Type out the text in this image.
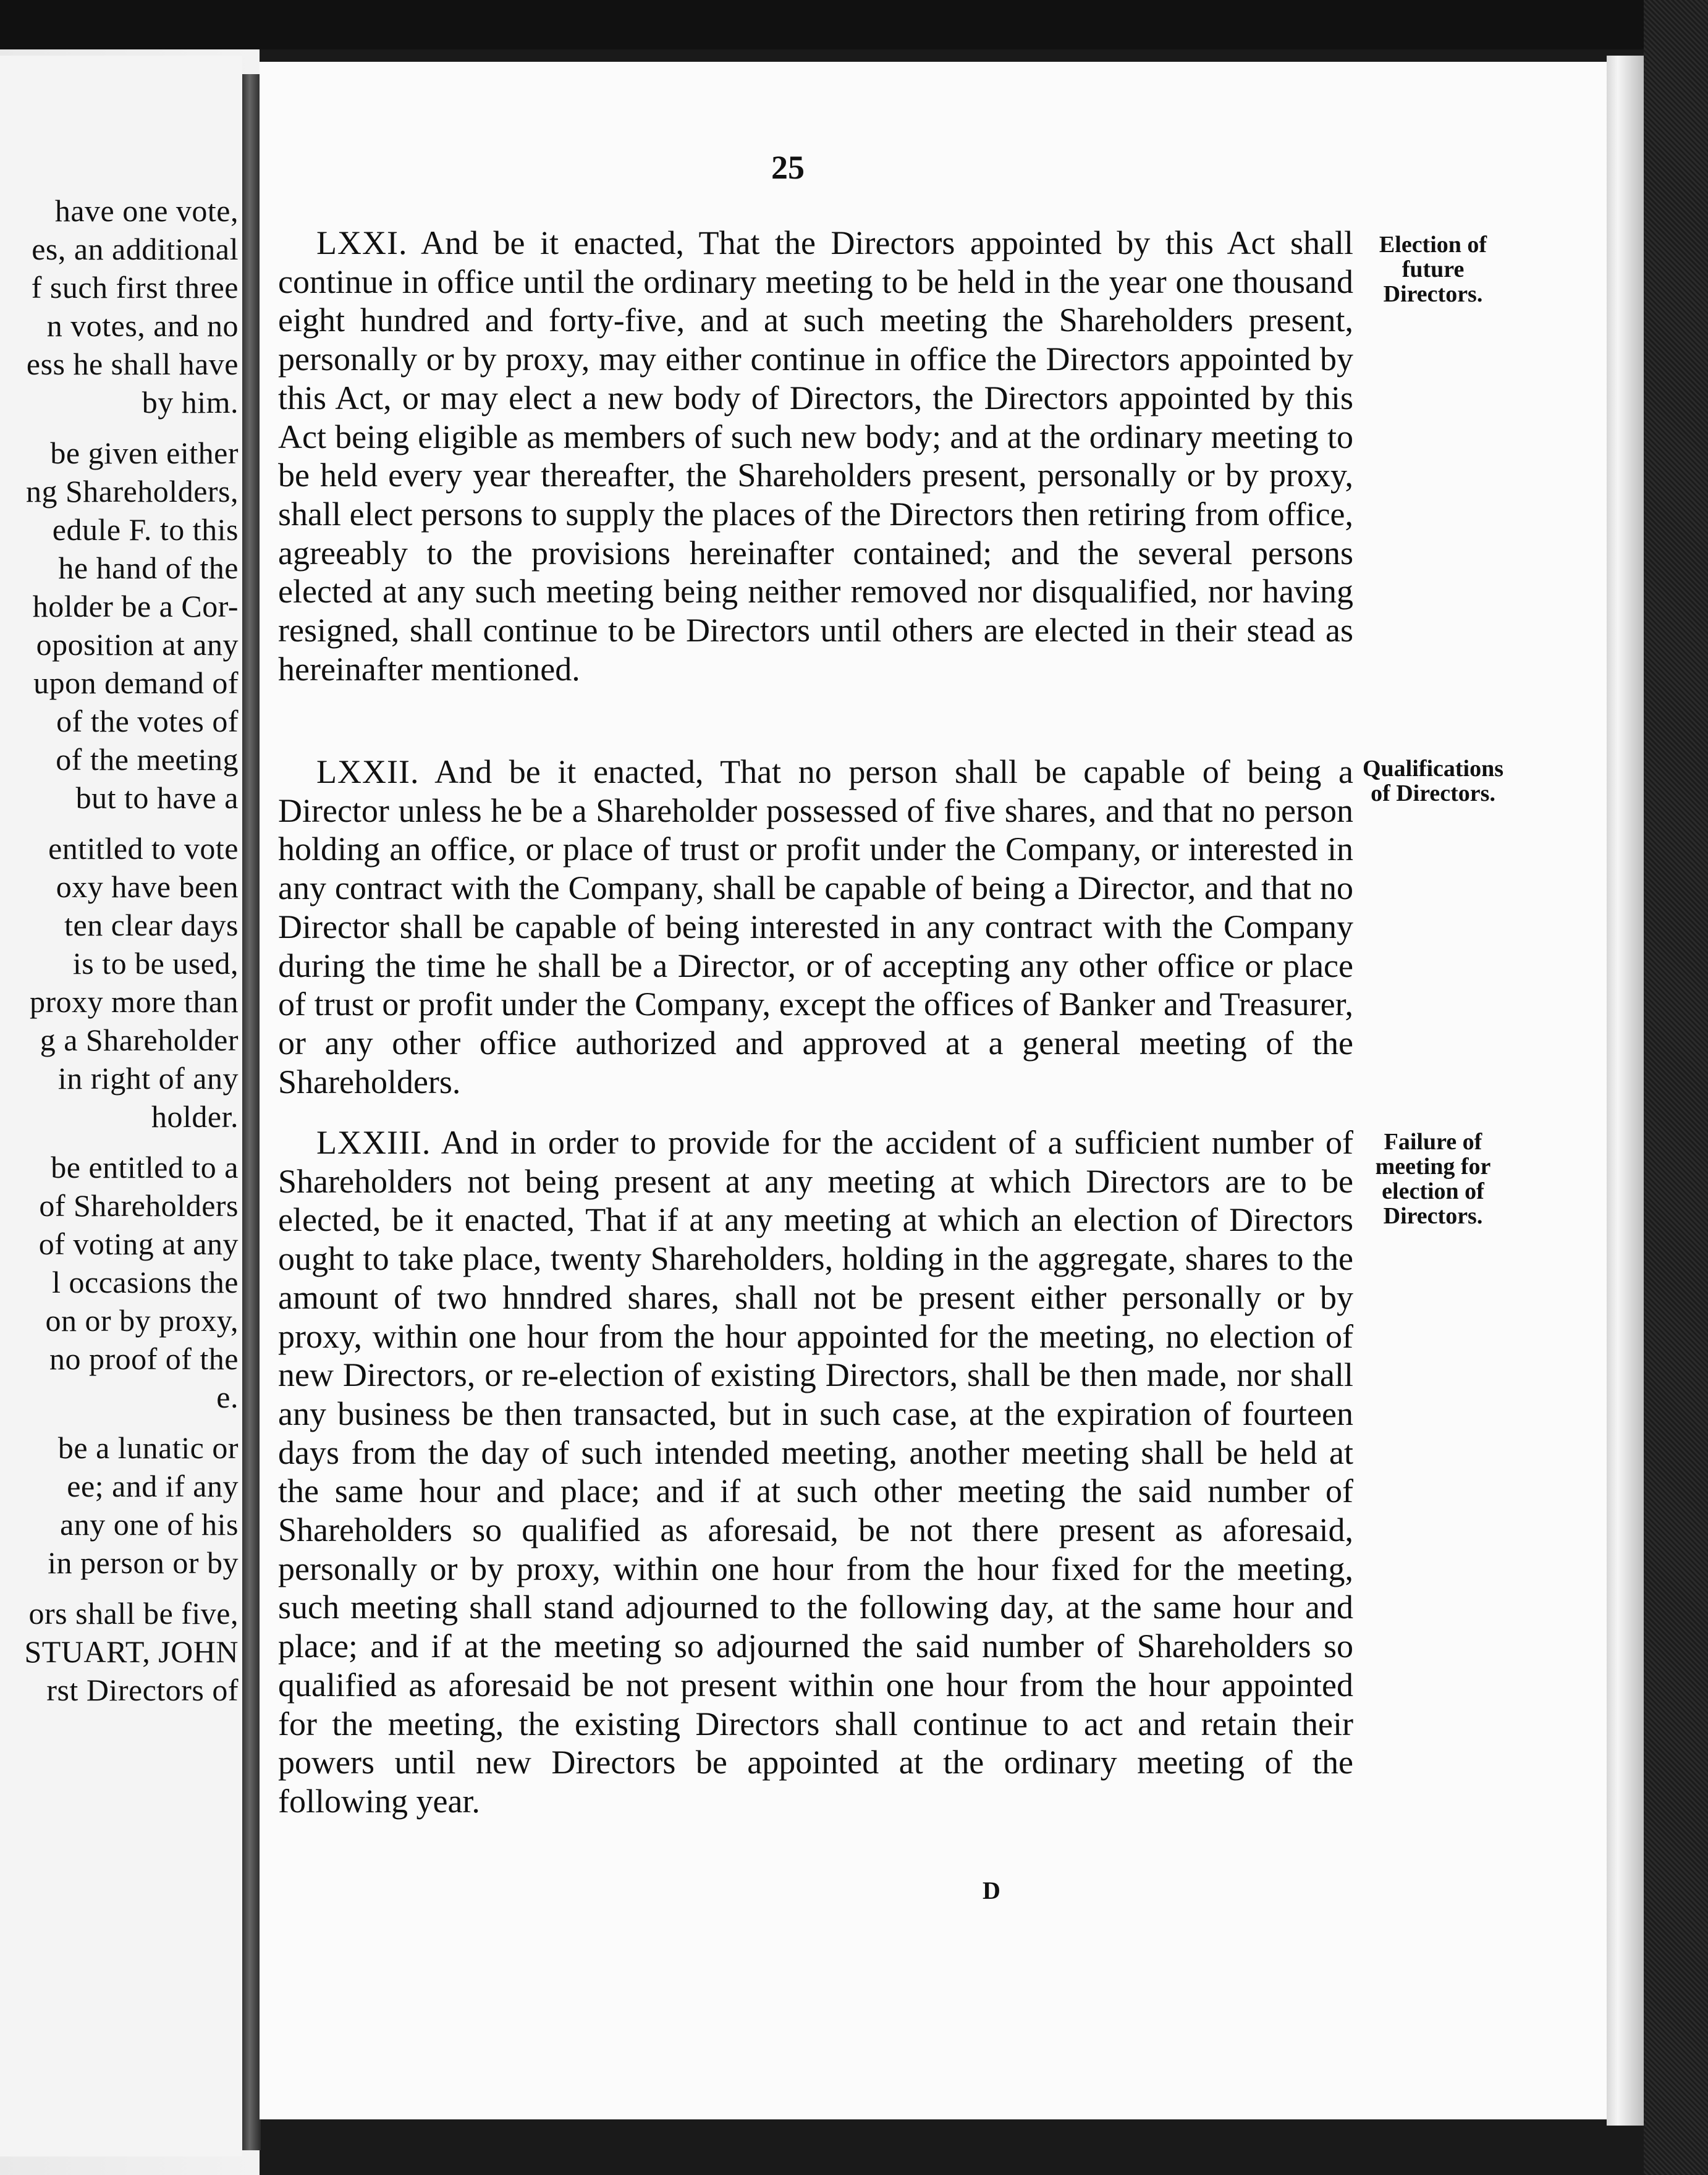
have one vote,
es, an additional
f such first three
n votes, and no
ess he shall have
by him.
be given either
ng Shareholders,
edule F. to this
he hand of the
holder be a Cor-
oposition at any
upon demand of
of the votes of
of the meeting
but to have a
entitled to vote
oxy have been
ten clear days
is to be used,
proxy more than
g a Shareholder
in right of any
holder.
be entitled to a
of Shareholders
of voting at any
l occasions the
on or by proxy,
no proof of the
e.
be a lunatic or
ee; and if any
any one of his
in person or by
ors shall be five,
STUART, JOHN
rst Directors of
25

LXXI. And be it enacted, That the Directors appointed by this Act shall continue in office until the ordinary meeting to be held in the year one thousand eight hundred and forty-five, and at such meeting the Shareholders present, personally or by proxy, may either continue in office the Directors appointed by this Act, or may elect a new body of Directors, the Directors appointed by this Act being eligible as members of such new body; and at the ordinary meeting to be held every year thereafter, the Shareholders present, personally or by proxy, shall elect persons to supply the places of the Directors then retiring from office, agreeably to the provisions hereinafter contained; and the several persons elected at any such meeting being neither removed nor disqualified, nor having resigned, shall continue to be Directors until others are elected in their stead as hereinafter mentioned.

Election of future Directors.

LXXII. And be it enacted, That no person shall be capable of being a Director unless he be a Shareholder possessed of five shares, and that no person holding an office, or place of trust or profit under the Company, or interested in any contract with the Company, shall be capable of being a Director, and that no Director shall be capable of being interested in any contract with the Company during the time he shall be a Director, or of accepting any other office or place of trust or profit under the Company, except the offices of Banker and Treasurer, or any other office authorized and approved at a general meeting of the Shareholders.

Qualifications of Directors.

LXXIII. And in order to provide for the accident of a sufficient number of Shareholders not being present at any meeting at which Directors are to be elected, be it enacted, That if at any meeting at which an election of Directors ought to take place, twenty Shareholders, holding in the aggregate, shares to the amount of two hnndred shares, shall not be present either personally or by proxy, within one hour from the hour appointed for the meeting, no election of new Directors, or re-election of existing Directors, shall be then made, nor shall any business be then transacted, but in such case, at the expiration of fourteen days from the day of such intended meeting, another meeting shall be held at the same hour and place; and if at such other meeting the said number of Shareholders so qualified as aforesaid, be not there present as aforesaid, personally or by proxy, within one hour from the hour fixed for the meeting, such meeting shall stand adjourned to the following day, at the same hour and place; and if at the meeting so adjourned the said number of Shareholders so qualified as aforesaid be not present within one hour from the hour appointed for the meeting, the existing Directors shall continue to act and retain their powers until new Directors be appointed at the ordinary meeting of the following year.

Failure of meeting for election of Directors.
D
